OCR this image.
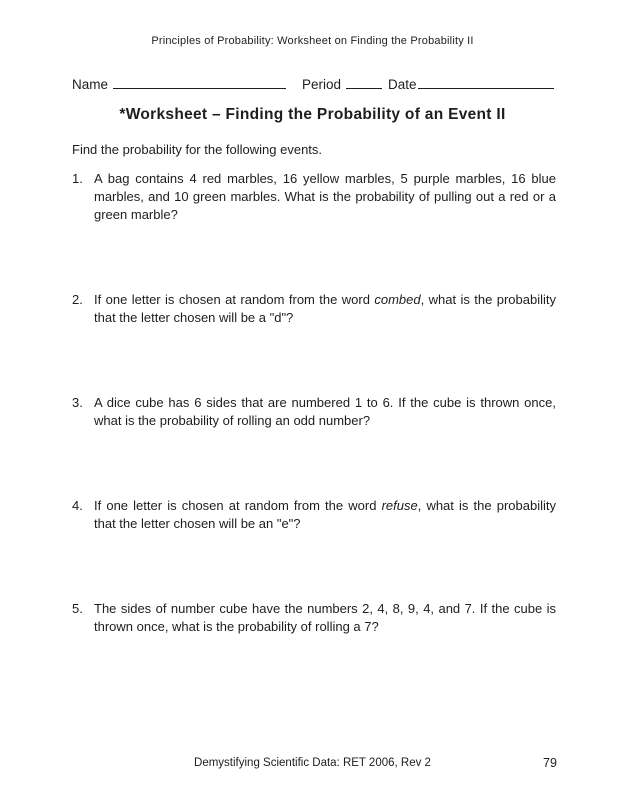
Principles of Probability: Worksheet on Finding the Probability II
Name	Period	Date
*Worksheet – Finding the Probability of an Event II
Find the probability for the following events.
1. A bag contains 4 red marbles, 16 yellow marbles, 5 purple marbles, 16 blue marbles, and 10 green marbles. What is the probability of pulling out a red or a green marble?

2. If one letter is chosen at random from the word combed, what is the probability that the letter chosen will be a "d"?

3. A dice cube has 6 sides that are numbered 1 to 6. If the cube is thrown once, what is the probability of rolling an odd number?

4. If one letter is chosen at random from the word refuse, what is the probability that the letter chosen will be an "e"?

5. The sides of number cube have the numbers 2, 4, 8, 9, 4, and 7. If the cube is thrown once, what is the probability of rolling a 7?

Demystifying Scientific Data: RET 2006, Rev 2	79
